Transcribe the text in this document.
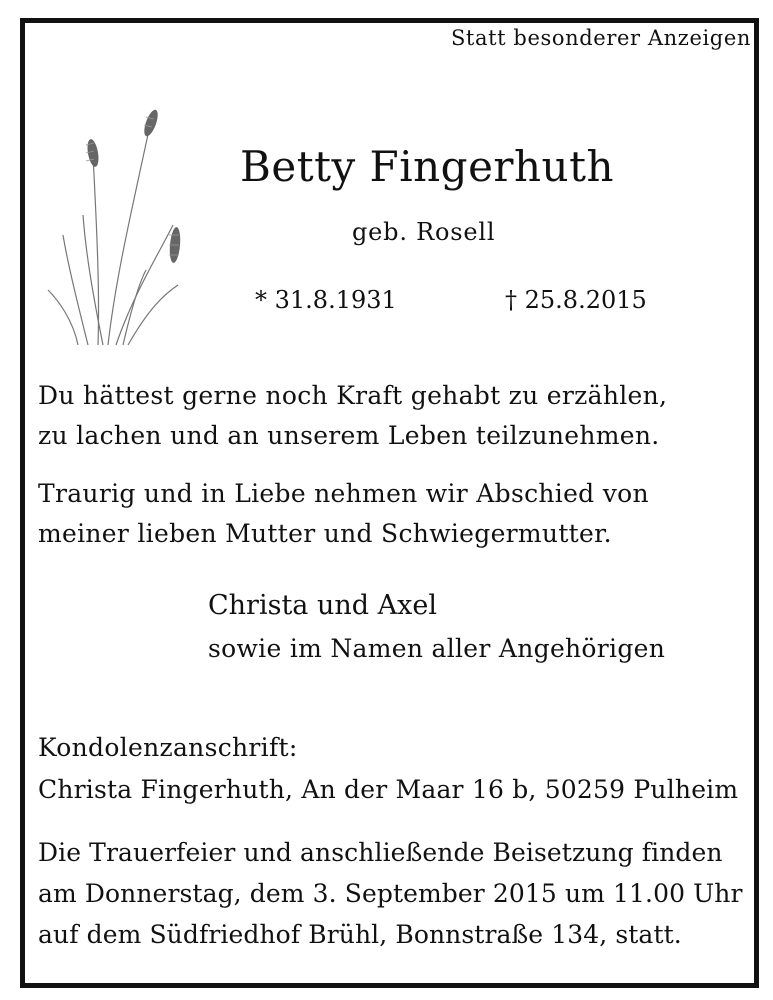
Statt besonderer Anzeigen
Betty Fingerhuth
geb. Rosell
* 31.8.1931	† 25.8.2015
Du hättest gerne noch Kraft gehabt zu erzählen,
zu lachen und an unserem Leben teilzunehmen.
Traurig und in Liebe nehmen wir Abschied von
meiner lieben Mutter und Schwiegermutter.
Christa und Axel
sowie im Namen aller Angehörigen
Kondolenzanschrift:
Christa Fingerhuth, An der Maar 16 b, 50259 Pulheim
Die Trauerfeier und anschließende Beisetzung finden
am Donnerstag, dem 3. September 2015 um 11.00 Uhr
auf dem Südfriedhof Brühl, Bonnstraße 134, statt.
